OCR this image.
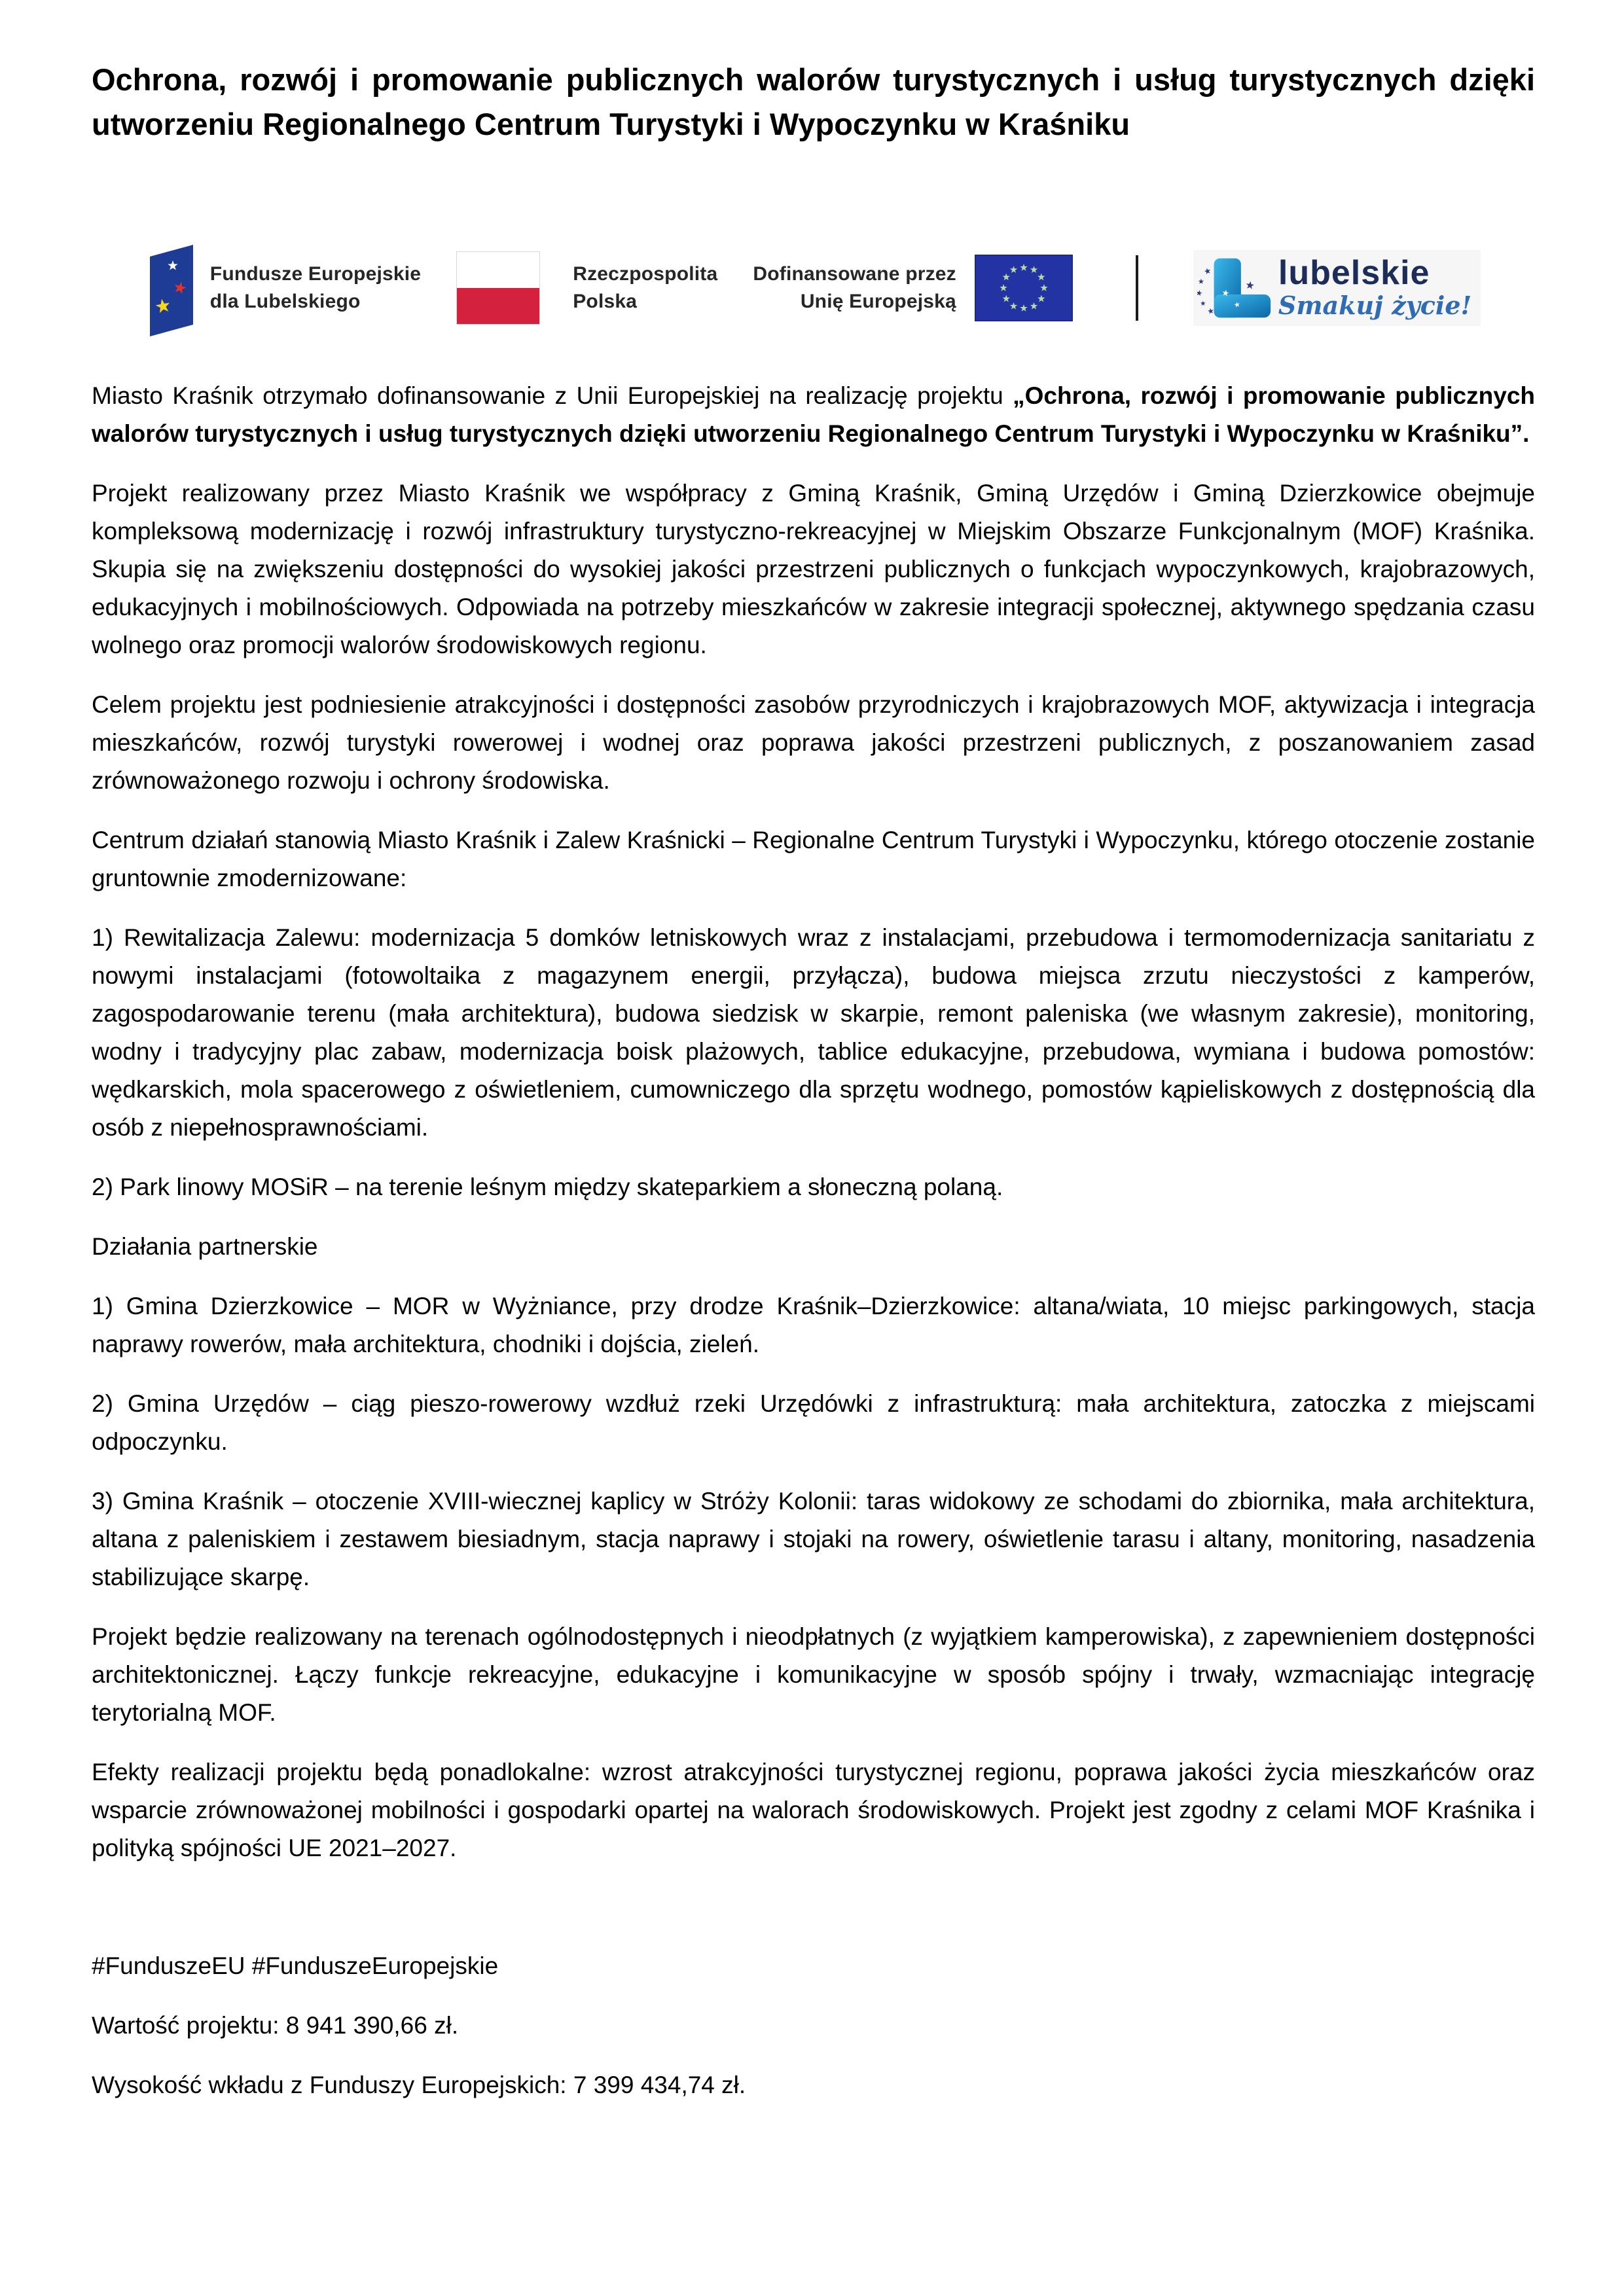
Ochrona, rozwój i promowanie publicznych walorów turystycznych i usług turystycznych dzięki utworzeniu Regionalnego Centrum Turystyki i Wypoczynku w Kraśniku
Fundusze Europejskie
dla Lubelskiego
Rzeczpospolita
Polska
Dofinansowane przez
Unię Europejską
lubelskie
Smakuj życie!

Miasto Kraśnik otrzymało dofinansowanie z Unii Europejskiej na realizację projektu „Ochrona, rozwój i promowanie publicznych walorów turystycznych i usług turystycznych dzięki utworzeniu Regionalnego Centrum Turystyki i Wypoczynku w Kraśniku”.

Projekt realizowany przez Miasto Kraśnik we współpracy z Gminą Kraśnik, Gminą Urzędów i Gminą Dzierzkowice obejmuje kompleksową modernizację i rozwój infrastruktury turystyczno-rekreacyjnej w Miejskim Obszarze Funkcjonalnym (MOF) Kraśnika. Skupia się na zwiększeniu dostępności do wysokiej jakości przestrzeni publicznych o funkcjach wypoczynkowych, krajobrazowych, edukacyjnych i mobilnościowych. Odpowiada na potrzeby mieszkańców w zakresie integracji społecznej, aktywnego spędzania czasu wolnego oraz promocji walorów środowiskowych regionu.

Celem projektu jest podniesienie atrakcyjności i dostępności zasobów przyrodniczych i krajobrazowych MOF, aktywizacja i integracja mieszkańców, rozwój turystyki rowerowej i wodnej oraz poprawa jakości przestrzeni publicznych, z poszanowaniem zasad zrównoważonego rozwoju i ochrony środowiska.

Centrum działań stanowią Miasto Kraśnik i Zalew Kraśnicki – Regionalne Centrum Turystyki i Wypoczynku, którego otoczenie zostanie gruntownie zmodernizowane:

1) Rewitalizacja Zalewu: modernizacja 5 domków letniskowych wraz z instalacjami, przebudowa i termomodernizacja sanitariatu z nowymi instalacjami (fotowoltaika z magazynem energii, przyłącza), budowa miejsca zrzutu nieczystości z kamperów, zagospodarowanie terenu (mała architektura), budowa siedzisk w skarpie, remont paleniska (we własnym zakresie), monitoring, wodny i tradycyjny plac zabaw, modernizacja boisk plażowych, tablice edukacyjne, przebudowa, wymiana i budowa pomostów: wędkarskich, mola spacerowego z oświetleniem, cumowniczego dla sprzętu wodnego, pomostów kąpieliskowych z dostępnością dla osób z niepełnosprawnościami.

2) Park linowy MOSiR – na terenie leśnym między skateparkiem a słoneczną polaną.

Działania partnerskie

1) Gmina Dzierzkowice – MOR w Wyżniance, przy drodze Kraśnik–Dzierzkowice: altana/wiata, 10 miejsc parkingowych, stacja naprawy rowerów, mała architektura, chodniki i dojścia, zieleń.

2) Gmina Urzędów – ciąg pieszo-rowerowy wzdłuż rzeki Urzędówki z infrastrukturą: mała architektura, zatoczka z miejscami odpoczynku.

3) Gmina Kraśnik – otoczenie XVIII-wiecznej kaplicy w Stróży Kolonii: taras widokowy ze schodami do zbiornika, mała architektura, altana z paleniskiem i zestawem biesiadnym, stacja naprawy i stojaki na rowery, oświetlenie tarasu i altany, monitoring, nasadzenia stabilizujące skarpę.

Projekt będzie realizowany na terenach ogólnodostępnych i nieodpłatnych (z wyjątkiem kamperowiska), z zapewnieniem dostępności architektonicznej. Łączy funkcje rekreacyjne, edukacyjne i komunikacyjne w sposób spójny i trwały, wzmacniając integrację terytorialną MOF.

Efekty realizacji projektu będą ponadlokalne: wzrost atrakcyjności turystycznej regionu, poprawa jakości życia mieszkańców oraz wsparcie zrównoważonej mobilności i gospodarki opartej na walorach środowiskowych. Projekt jest zgodny z celami MOF Kraśnika i polityką spójności UE 2021–2027.

#FunduszeEU #FunduszeEuropejskie

Wartość projektu: 8 941 390,66 zł.

Wysokość wkładu z Funduszy Europejskich: 7 399 434,74 zł.
